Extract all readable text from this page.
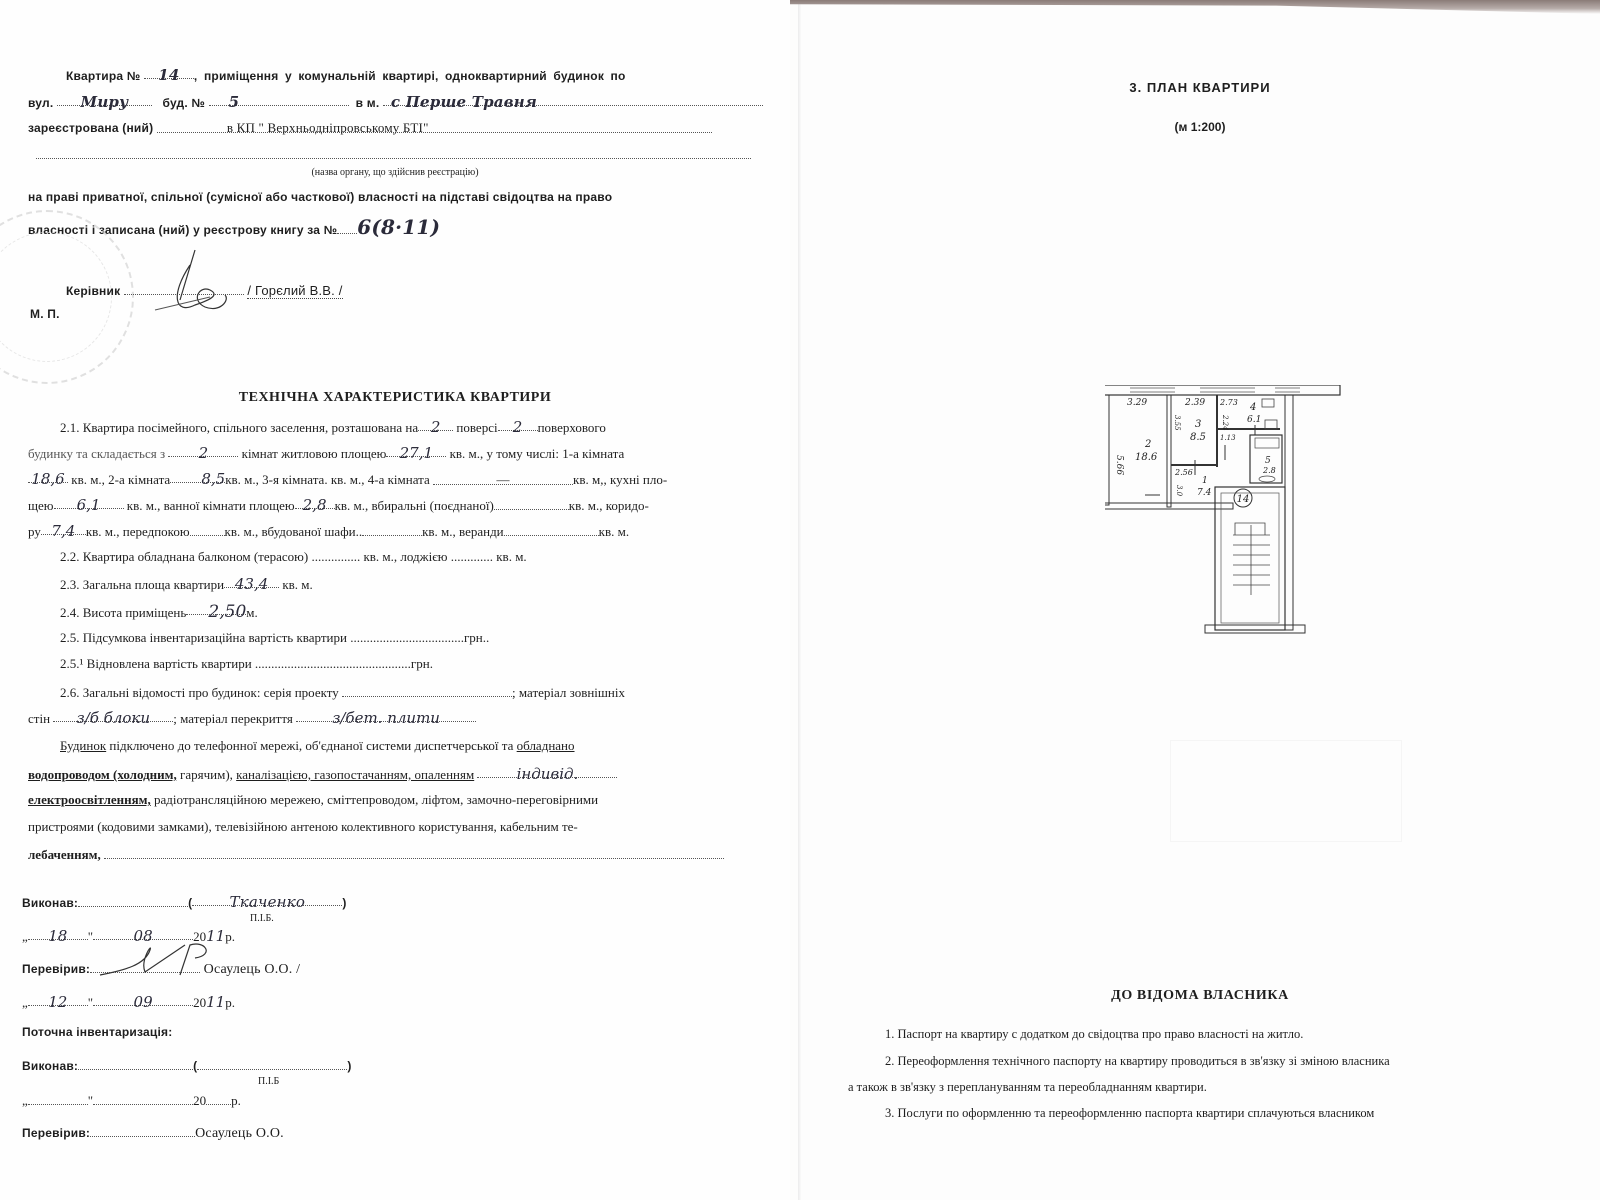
Квартира № 14 , приміщення у комунальній квартирі, одноквартирний будинок по
вул. Миру	буд. № 5	в м. с Перше Травня
зареєстрована (ний)	в КП " Верхньодніпровському БТІ"
(назва органу, що здійснив реєстрацію)
на праві приватної, спільної (сумісної або часткової) власності на підставі свідоцтва на право
власності і записана (ний) у реєстрову книгу за № 6(8·11)
Керівник	/ Горєлий В.В. /
М. П.
ТЕХНІЧНА ХАРАКТЕРИСТИКА КВАРТИРИ
2.1. Квартира посімейного, спільного заселення, розташована на 2 поверсі 2 поверхового
будинку та складається з 2	кімнат житловою площею 27,1 кв. м., у тому числі: 1-а кімната
18,6 кв. м., 2-а кімната 8,5кв. м., 3-я кімната. кв. м., 4-а кімната	—	кв. м,, кухні пло-
щею 6,1 кв. м., ванної кімнати площею 2,8 кв. м., вбиральні (поєднаної)	кв. м., коридо-
ру 7,4 кв. м., передпокою	кв. м., вбудованої шафи..	кв. м., веранди	кв. м.
2.2. Квартира обладнана балконом (терасою) ............... кв. м., лоджією ............. кв. м.
2.3. Загальна площа квартири 43,4 кв. м.
2.4. Висота приміщень 2,50м.
2.5. Підсумкова інвентаризаційна вартість квартири ...................................грн..
2.5.¹ Відновлена вартість квартири ................................................грн.
2.6. Загальні відомості про будинок: серія проекту	; матеріал зовнішніх
стін з/б блоки ; матеріал перекриття	з/бет. плити
Будинок підключено до телефонної мережі, об'єднаної системи диспетчерської та обладнано
водопроводом (холодним, гарячим), каналізацією, газопостачанням, опаленням	індивід.
електроосвітленням, радіотрансляційною мережею, сміттепроводом, ліфтом, замочно-переговірними
пристроями (кодовими замками), телевізійною антеною колективного користування, кабельним те-
лебаченням,
Виконав:	( Ткаченко	)
П.І.Б.
„ 18 "	08	2011р.
Перевірив:	Осаулець О.О. /
„ 12 "	09	2011р.
Поточна інвентаризація:
Виконав:	(	)
П.І.Б
„	"	20 р.
Перевірив:	Осаулець О.О.
3. ПЛАН КВАРТИРИ
(м 1:200)
14
3.29
5.66
2
18.6
2.39
3.55 3
8.5
2.73
2.24
4
6.1
1.13
5
2.8
2.56
3.0
1
7.4
ДО ВІДОМА ВЛАСНИКА
1. Паспорт на квартиру с додатком до свідоцтва про право власності на житло.
2. Переоформлення технічного паспорту на квартиру проводиться в зв'язку зі зміною власника
а також в зв'язку з переплануванням та переобладнанням квартири.
3. Послуги по оформленню та переоформленню паспорта квартири сплачуються власником
